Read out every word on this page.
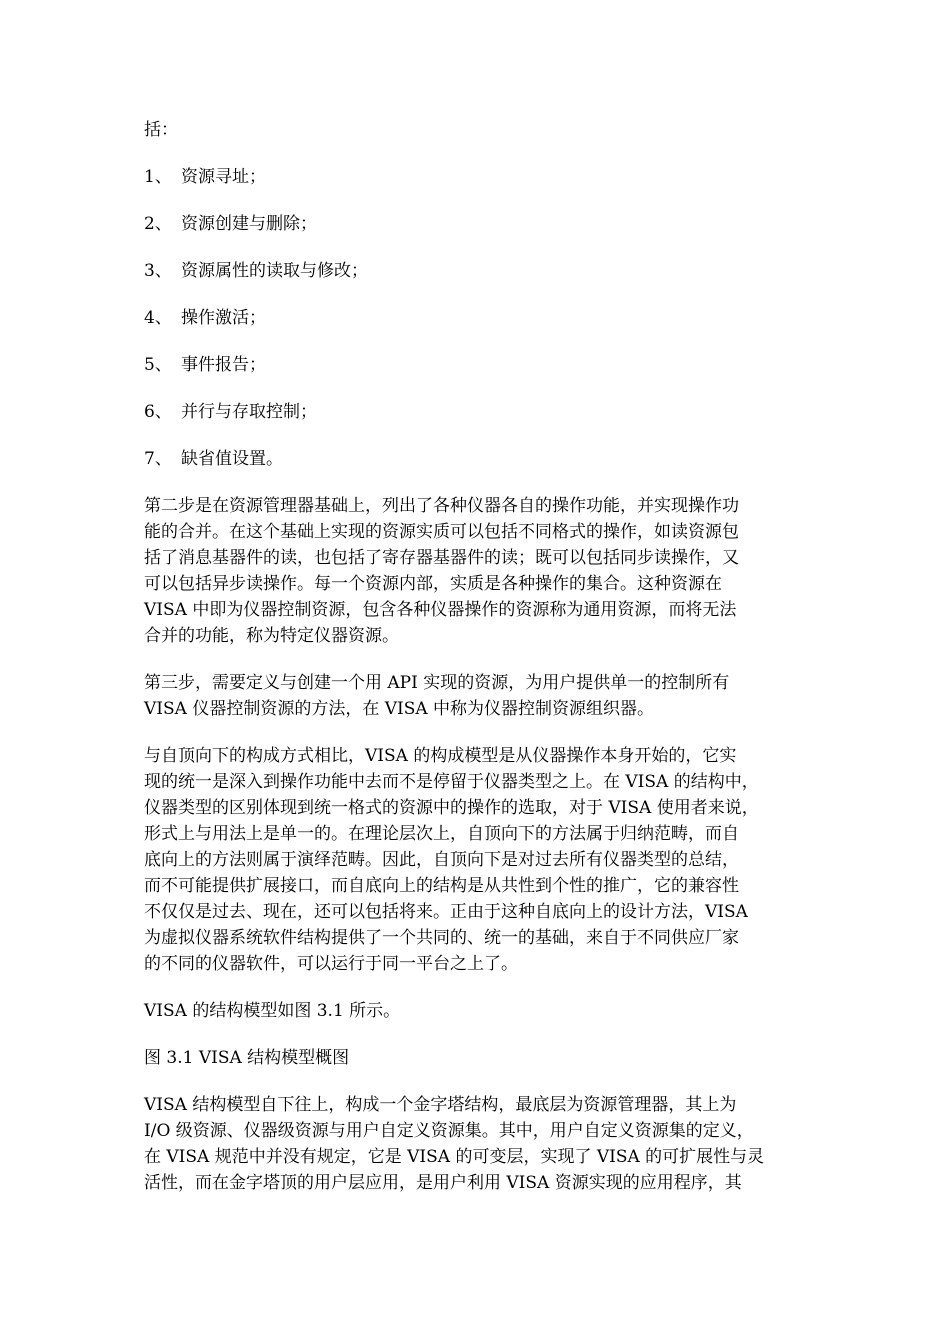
括：

1、 资源寻址；
2、 资源创建与删除；
3、 资源属性的读取与修改；
4、 操作激活；
5、 事件报告；
6、 并行与存取控制；
7、 缺省值设置。

第二步是在资源管理器基础上，列出了各种仪器各自的操作功能，并实现操作功

能的合并。在这个基础上实现的资源实质可以包括不同格式的操作，如读资源包

括了消息基器件的读，也包括了寄存器基器件的读；既可以包括同步读操作，又

可以包括异步读操作。每一个资源内部，实质是各种操作的集合。这种资源在

VISA 中即为仪器控制资源，包含各种仪器操作的资源称为通用资源，而将无法

合并的功能，称为特定仪器资源。

第三步，需要定义与创建一个用 API 实现的资源，为用户提供单一的控制所有

VISA 仪器控制资源的方法，在 VISA 中称为仪器控制资源组织器。

与自顶向下的构成方式相比，VISA 的构成模型是从仪器操作本身开始的，它实

现的统一是深入到操作功能中去而不是停留于仪器类型之上。在 VISA 的结构中，

仪器类型的区别体现到统一格式的资源中的操作的选取，对于 VISA 使用者来说，

形式上与用法上是单一的。在理论层次上，自顶向下的方法属于归纳范畴，而自

底向上的方法则属于演绎范畴。因此，自顶向下是对过去所有仪器类型的总结，

而不可能提供扩展接口，而自底向上的结构是从共性到个性的推广，它的兼容性

不仅仅是过去、现在，还可以包括将来。正由于这种自底向上的设计方法，VISA

为虚拟仪器系统软件结构提供了一个共同的、统一的基础，来自于不同供应厂家

的不同的仪器软件，可以运行于同一平台之上了。

VISA 的结构模型如图 3.1 所示。

图 3.1 VISA 结构模型概图

VISA 结构模型自下往上，构成一个金字塔结构，最底层为资源管理器，其上为

I/O 级资源、仪器级资源与用户自定义资源集。其中，用户自定义资源集的定义，

在 VISA 规范中并没有规定，它是 VISA 的可变层，实现了 VISA 的可扩展性与灵

活性，而在金字塔顶的用户层应用，是用户利用 VISA 资源实现的应用程序，其
